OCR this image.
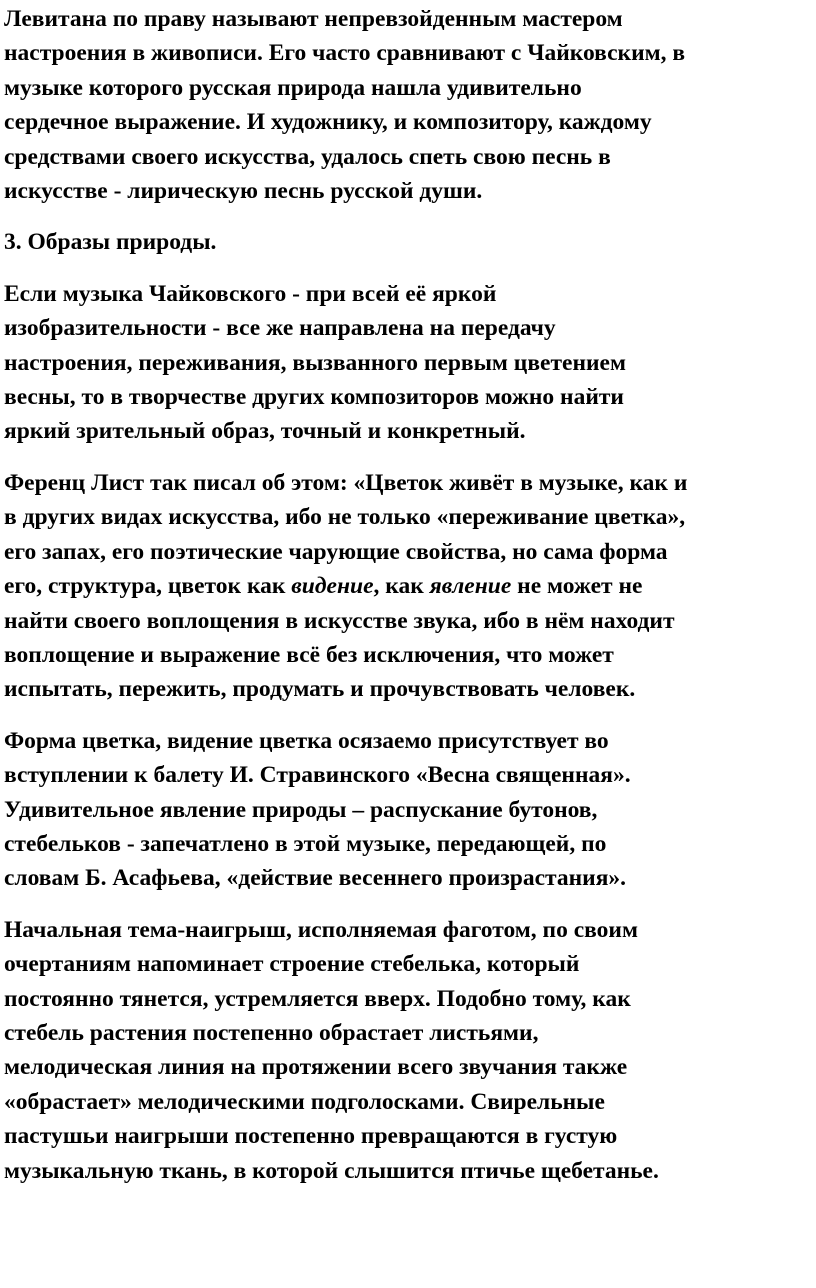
Левитана по праву называют непревзойденным мастером
настроения в живописи. Его часто сравнивают с Чайковским, в
музыке которого русская природа нашла удивительно
сердечное выражение. И художнику, и композитору, каждому
средствами своего искусства, удалось спеть свою песнь в
искусстве - лирическую песнь русской души.

3. Образы природы.

Если музыка Чайковского - при всей её яркой
изобразительности - все же направлена на передачу
настроения, переживания, вызванного первым цветением
весны, то в творчестве других композиторов можно найти
яркий зрительный образ, точный и конкретный.

Ференц Лист так писал об этом: «Цветок живёт в музыке, как и
в других видах искусства, ибо не только «переживание цветка»,
его запах, его поэтические чарующие свойства, но сама форма
его, структура, цветок как видение, как явление не может не
найти своего воплощения в искусстве звука, ибо в нём находит
воплощение и выражение всё без исключения, что может
испытать, пережить, продумать и прочувствовать человек.

Форма цветка, видение цветка осязаемо присутствует во
вступлении к балету И. Стравинского «Весна священная».
Удивительное явление природы – распускание бутонов,
стебельков - запечатлено в этой музыке, передающей, по
словам Б. Асафьева, «действие весеннего произрастания».

Начальная тема-наигрыш, исполняемая фаготом, по своим
очертаниям напоминает строение стебелька, который
постоянно тянется, устремляется вверх. Подобно тому, как
стебель растения постепенно обрастает листьями,
мелодическая линия на протяжении всего звучания также
«обрастает» мелодическими подголосками. Свирельные
пастушьи наигрыши постепенно превращаются в густую
музыкальную ткань, в которой слышится птичье щебетанье.
